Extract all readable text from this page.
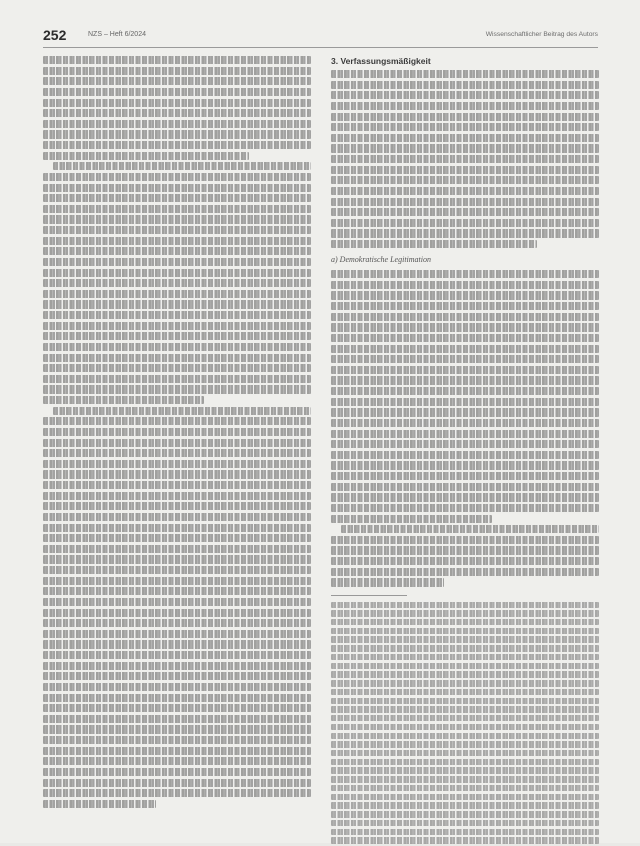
252	NZS – Heft 6/2024	Wissenschaftlicher Beitrag des Autors
3. Verfassungsmäßigkeit
a) Demokratische Legitimation
